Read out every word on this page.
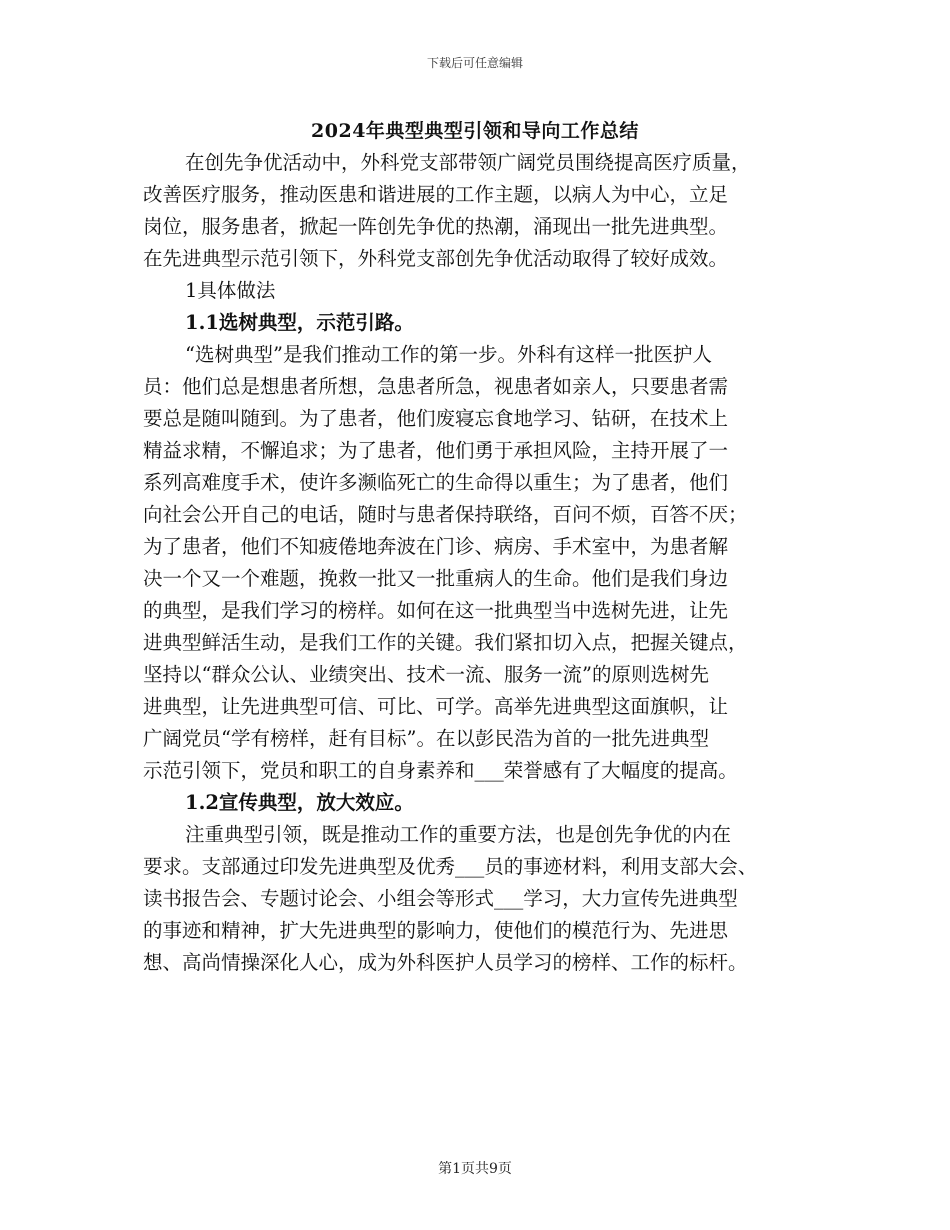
下载后可任意编辑
2024年典型典型引领和导向工作总结
在创先争优活动中，外科党支部带领广阔党员围绕提高医疗质量，
改善医疗服务，推动医患和谐进展的工作主题，以病人为中心，立足
岗位，服务患者，掀起一阵创先争优的热潮，涌现出一批先进典型。
在先进典型示范引领下，外科党支部创先争优活动取得了较好成效。
1具体做法
1.1选树典型，示范引路。
“选树典型”是我们推动工作的第一步。外科有这样一批医护人
员：他们总是想患者所想，急患者所急，视患者如亲人，只要患者需
要总是随叫随到。为了患者，他们废寝忘食地学习、钻研，在技术上
精益求精，不懈追求；为了患者，他们勇于承担风险，主持开展了一
系列高难度手术，使许多濒临死亡的生命得以重生；为了患者，他们
向社会公开自己的电话，随时与患者保持联络，百问不烦，百答不厌；
为了患者，他们不知疲倦地奔波在门诊、病房、手术室中，为患者解
决一个又一个难题，挽救一批又一批重病人的生命。他们是我们身边
的典型，是我们学习的榜样。如何在这一批典型当中选树先进，让先
进典型鲜活生动，是我们工作的关键。我们紧扣切入点，把握关键点，
坚持以“群众公认、业绩突出、技术一流、服务一流”的原则选树先
进典型，让先进典型可信、可比、可学。高举先进典型这面旗帜，让
广阔党员“学有榜样，赶有目标”。在以彭民浩为首的一批先进典型
示范引领下，党员和职工的自身素养和___荣誉感有了大幅度的提高。
1.2宣传典型，放大效应。
注重典型引领，既是推动工作的重要方法，也是创先争优的内在
要求。支部通过印发先进典型及优秀___员的事迹材料，利用支部大会、
读书报告会、专题讨论会、小组会等形式___学习，大力宣传先进典型
的事迹和精神，扩大先进典型的影响力，使他们的模范行为、先进思
想、高尚情操深化人心，成为外科医护人员学习的榜样、工作的标杆。
第1页共9页
